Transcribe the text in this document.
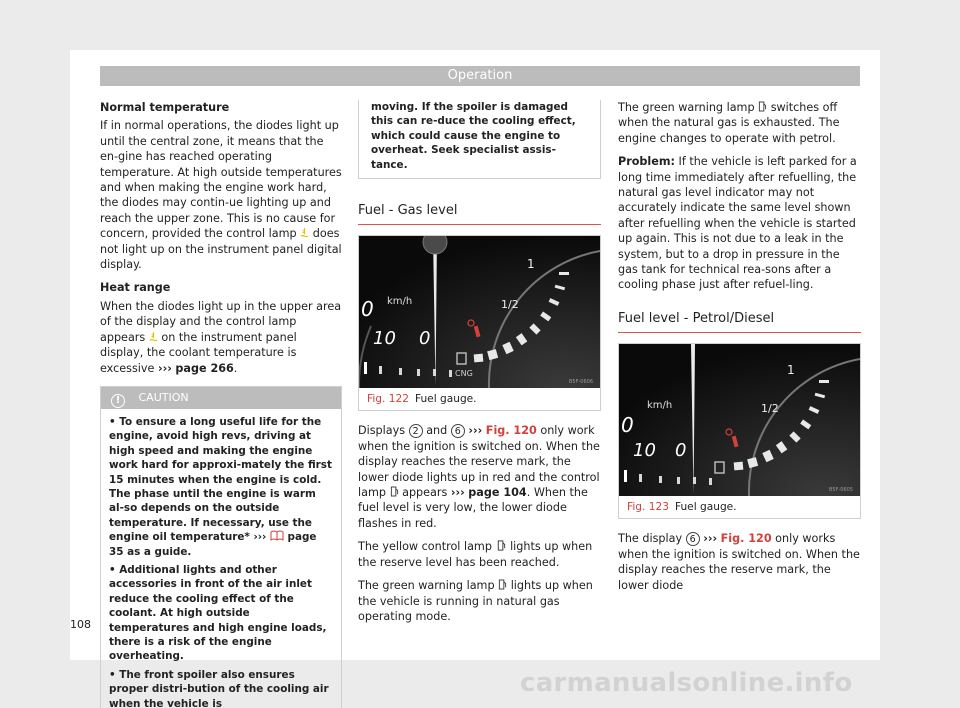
Operation

Normal temperature

If in normal operations, the diodes light up until the central zone, it means that the en-gine has reached operating temperature. At high outside temperatures and when making the engine work hard, the diodes may contin-ue lighting up and reach the upper zone. This is no cause for concern, provided the control lamp does not light up on the instrument panel digital display.

Heat range

When the diodes light up in the upper area of the display and the control lamp appears on the instrument panel display, the coolant temperature is excessive ››› page 266.

! CAUTION

• To ensure a long useful life for the engine, avoid high revs, driving at high speed and making the engine work hard for approxi-mately the first 15 minutes when the engine is cold. The phase until the engine is warm al-so depends on the outside temperature. If necessary, use the engine oil temperature* ›››  page 35 as a guide.

• Additional lights and other accessories in front of the air inlet reduce the cooling effect of the coolant. At high outside temperatures and high engine loads, there is a risk of the engine overheating.

• The front spoiler also ensures proper distri-bution of the cooling air when the vehicle is

moving. If the spoiler is damaged this can re-duce the cooling effect, which could cause the engine to overheat. Seek specialist assis-tance.
Fuel - Gas level
km/h
0
10 0
1
1/2
CNG
B5F-0606
Fig. 122 Fuel gauge.

Displays 2 and 6 ››› Fig. 120 only work when the ignition is switched on. When the display reaches the reserve mark, the lower diode lights up in red and the control lamp appears ››› page 104. When the fuel level is very low, the lower diode flashes in red.

The yellow control lamp lights up when the reserve level has been reached.

The green warning lamp lights up when the vehicle is running in natural gas operating mode.

The green warning lamp switches off when the natural gas is exhausted. The engine changes to operate with petrol.

Problem: If the vehicle is left parked for a long time immediately after refuelling, the natural gas level indicator may not accurately indicate the same level shown after refuelling when the vehicle is started up again. This is not due to a leak in the system, but to a drop in pressure in the gas tank for technical rea-sons after a cooling phase just after refuel-ling.

Fuel level - Petrol/Diesel
km/h
0
10 0
1
1/2
B5F-0605
Fig. 123 Fuel gauge.

The display 6 ››› Fig. 120 only works when the ignition is switched on. When the display reaches the reserve mark, the lower diode

108
carmanualsonline.info
